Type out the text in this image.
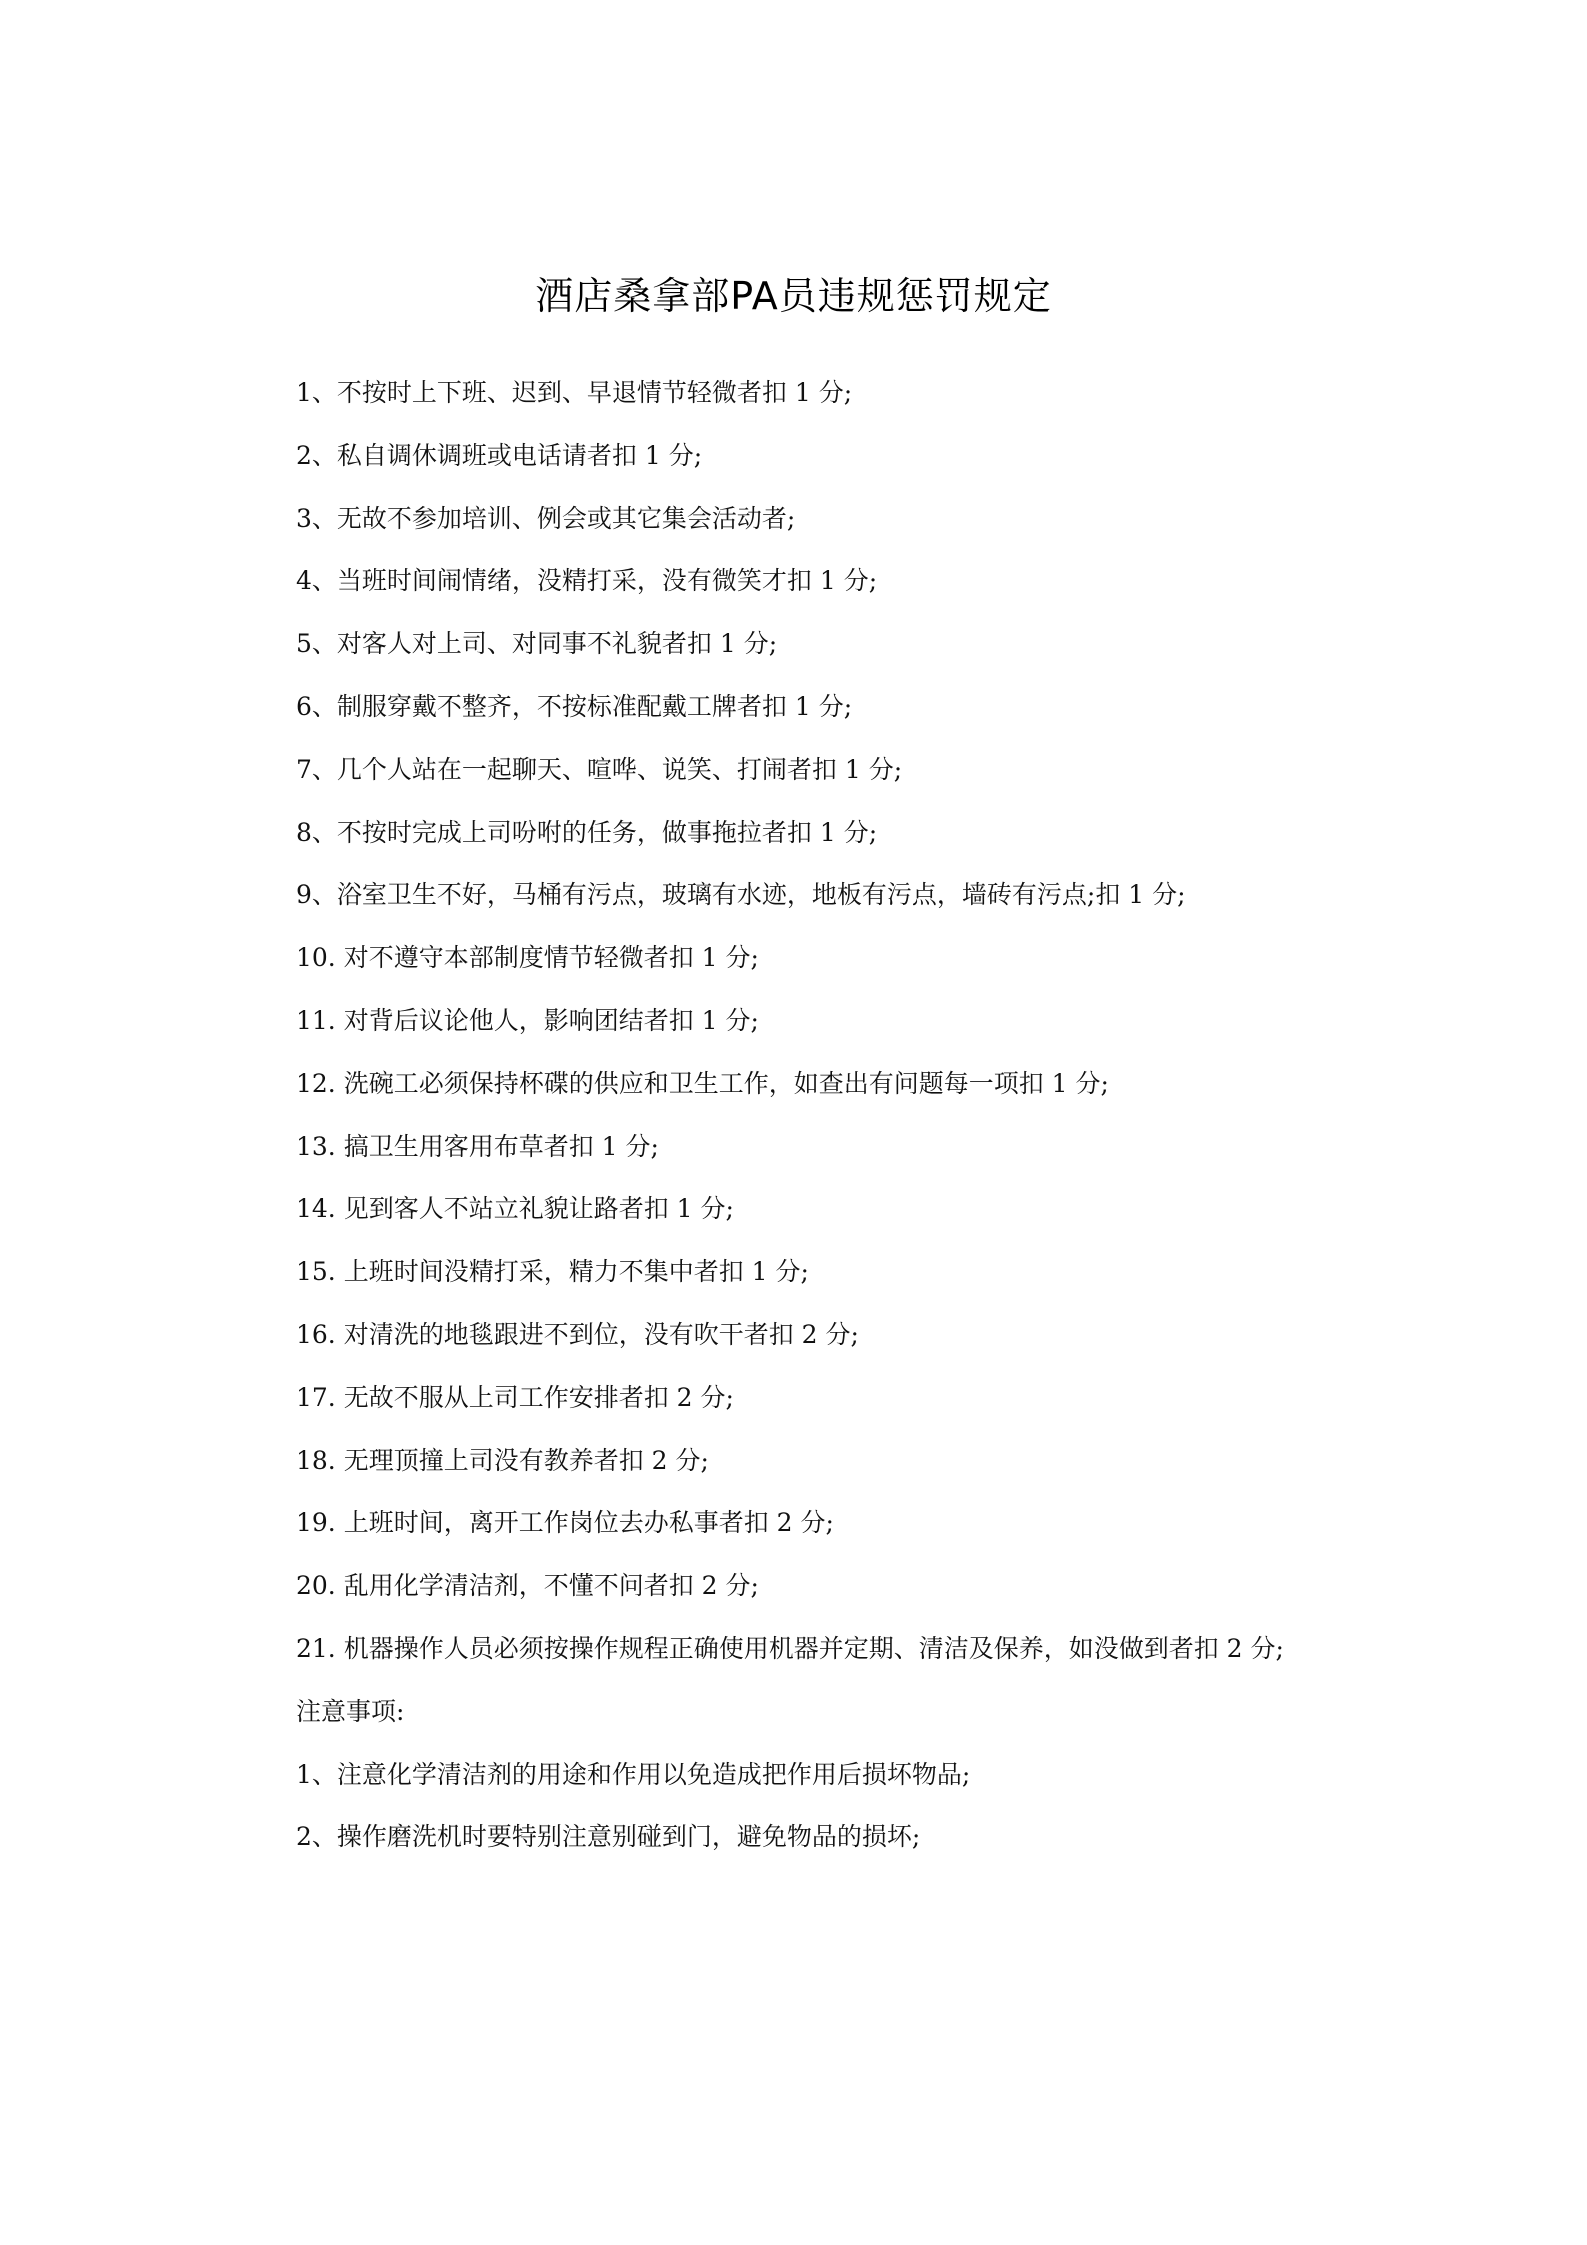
酒店桑拿部PA员违规惩罚规定

1、不按时上下班、迟到、早退情节轻微者扣 1 分;

2、私自调休调班或电话请者扣 1 分;

3、无故不参加培训、例会或其它集会活动者;

4、当班时间闹情绪，没精打采，没有微笑才扣 1 分;

5、对客人对上司、对同事不礼貌者扣 1 分;

6、制服穿戴不整齐，不按标准配戴工牌者扣 1 分;

7、几个人站在一起聊天、喧哗、说笑、打闹者扣 1 分;

8、不按时完成上司吩咐的任务，做事拖拉者扣 1 分;

9、浴室卫生不好，马桶有污点，玻璃有水迹，地板有污点，墙砖有污点;扣 1 分;

10. 对不遵守本部制度情节轻微者扣 1 分;

11. 对背后议论他人，影响团结者扣 1 分;

12. 洗碗工必须保持杯碟的供应和卫生工作，如查出有问题每一项扣 1 分;

13. 搞卫生用客用布草者扣 1 分;

14. 见到客人不站立礼貌让路者扣 1 分;

15. 上班时间没精打采，精力不集中者扣 1 分;

16. 对清洗的地毯跟进不到位，没有吹干者扣 2 分;

17. 无故不服从上司工作安排者扣 2 分;

18. 无理顶撞上司没有教养者扣 2 分;

19. 上班时间，离开工作岗位去办私事者扣 2 分;

20. 乱用化学清洁剂，不懂不问者扣 2 分;

21. 机器操作人员必须按操作规程正确使用机器并定期、清洁及保养，如没做到者扣 2 分;

注意事项:

1、注意化学清洁剂的用途和作用以免造成把作用后损坏物品;

2、操作磨洗机时要特别注意别碰到门，避免物品的损坏;
